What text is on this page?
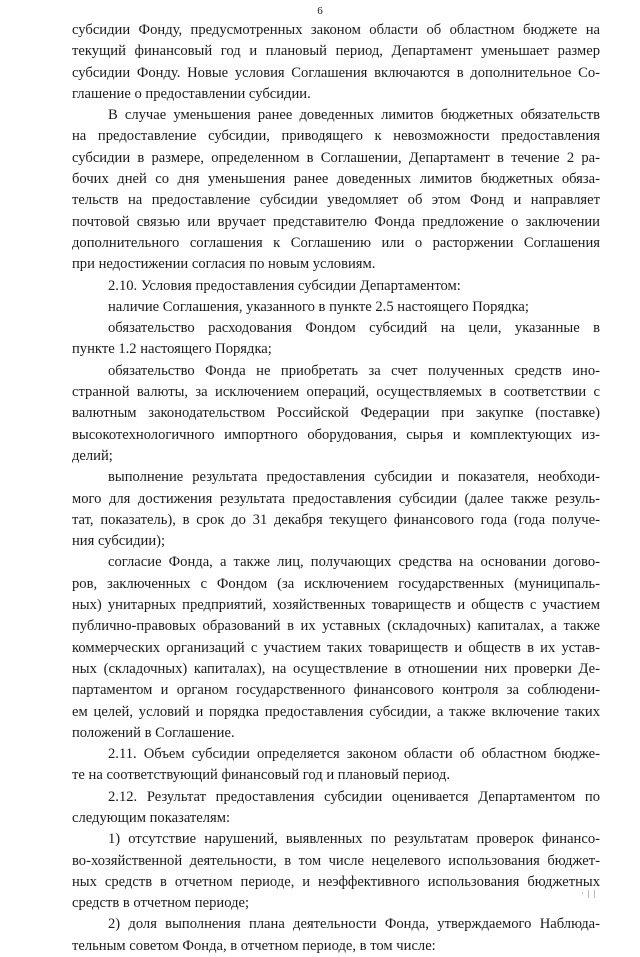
6
субсидии Фонду, предусмотренных законом области об областном бюджете на
текущий финансовый год и плановый период, Департамент уменьшает размер
субсидии Фонду. Новые условия Соглашения включаются в дополнительное Со-
глашение о предоставлении субсидии.
В случае уменьшения ранее доведенных лимитов бюджетных обязательств
на предоставление субсидии, приводящего к невозможности предоставления
субсидии в размере, определенном в Соглашении, Департамент в течение 2 ра-
бочих дней со дня уменьшения ранее доведенных лимитов бюджетных обяза-
тельств на предоставление субсидии уведомляет об этом Фонд и направляет
почтовой связью или вручает представителю Фонда предложение о заключении
дополнительного соглашения к Соглашению или о расторжении Соглашения
при недостижении согласия по новым условиям.
2.10. Условия предоставления субсидии Департаментом:
наличие Соглашения, указанного в пункте 2.5 настоящего Порядка;
обязательство расходования Фондом субсидий на цели, указанные в
пункте 1.2 настоящего Порядка;
обязательство Фонда не приобретать за счет полученных средств ино-
странной валюты, за исключением операций, осуществляемых в соответствии с
валютным законодательством Российской Федерации при закупке (поставке)
высокотехнологичного импортного оборудования, сырья и комплектующих из-
делий;
выполнение результата предоставления субсидии и показателя, необходи-
мого для достижения результата предоставления субсидии (далее также резуль-
тат, показатель), в срок до 31 декабря текущего финансового года (года получе-
ния субсидии);
согласие Фонда, а также лиц, получающих средства на основании догово-
ров, заключенных с Фондом (за исключением государственных (муниципаль-
ных) унитарных предприятий, хозяйственных товариществ и обществ с участием
публично-правовых образований в их уставных (складочных) капиталах, а также
коммерческих организаций с участием таких товариществ и обществ в их устав-
ных (складочных) капиталах), на осуществление в отношении них проверки Де-
партаментом и органом государственного финансового контроля за соблюдени-
ем целей, условий и порядка предоставления субсидии, а также включение таких
положений в Соглашение.
2.11. Объем субсидии определяется законом области об областном бюдже-
те на соответствующий финансовый год и плановый период.
2.12. Результат предоставления субсидии оценивается Департаментом по
следующим показателям:
1) отсутствие нарушений, выявленных по результатам проверок финансо-
во-хозяйственной деятельности, в том числе нецелевого использования бюджет-
ных средств в отчетном периоде, и неэффективного использования бюджетных
средств в отчетном периоде;
2) доля выполнения плана деятельности Фонда, утверждаемого Наблюда-
тельным советом Фонда, в отчетном периоде, в том числе:
· | |
